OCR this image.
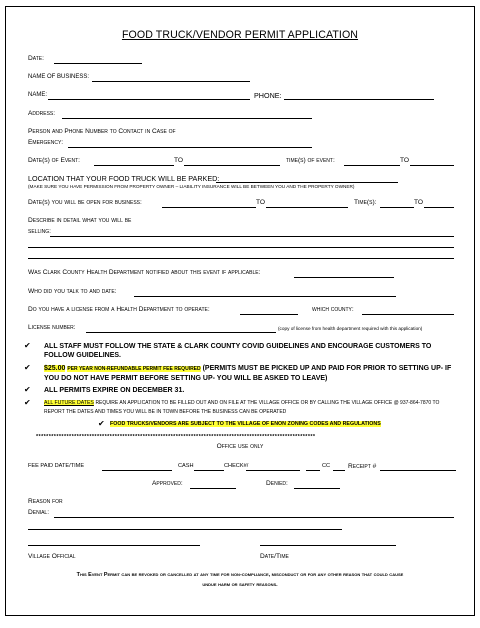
FOOD TRUCK/VENDOR PERMIT APPLICATION
Date:
NAME OF BUSINESS:
NAME:	PHONE:
Address:
Person and Phone Number to Contact in Case of
Emergency:
Date(s) of Event:	TO	time(s) of event:	TO
LOCATION THAT YOUR FOOD TRUCK WILL BE PARKED:
(MAKE SURE YOU HAVE PERMISSION FROM PROPERTY OWNER – LIABILITY INSURANCE WILL BE BETWEEN YOU AND THE PROPERTY OWNER)
Date(s) you will be open for business:	TO	Time(s):	TO
Describe in detail what you will be
selling:
Was Clark County Health Department notified about this event if applicable:
Who did you talk to and date:
Do you have a license from a Health Department to operate:	which county:
License number:	(copy of license from health department required with this application)
✔ ALL STAFF MUST FOLLOW THE STATE & CLARK COUNTY COVID GUIDELINES AND ENCOURAGE CUSTOMERS TO FOLLOW GUIDELINES.
✔ $25.00 PER YEAR NON-REFUNDABLE PERMIT FEE REQUIRED (PERMITS MUST BE PICKED UP AND PAID FOR PRIOR TO SETTING UP- IF YOU DO NOT HAVE PERMIT BEFORE SETTING UP- YOU WILL BE ASKED TO LEAVE)
✔ ALL PERMITS EXPIRE ON DECEMBER 31.
✔	ALL FUTURE DATES REQUIRE AN APPLICATION TO BE FILLED OUT AND ON FILE AT THE VILLAGE OFFICE OR BY CALLING THE VILLAGE OFFICE @ 937-864-7870 TO REPORT THE DATES AND TIMES YOU WILL BE IN TOWN BEFORE THE BUSINESS CAN BE OPERATED
✔ FOOD TRUCKS/VENDORS ARE SUBJECT TO THE VILLAGE OF ENON ZONING CODES AND REGULATIONS
**************************************************************************************************************
Office use only
FEE PAID DATE/TIME	CASH	CHECK#/	CC	Receipt #
Approved:	Denied:
Reason for
Denial:
Village Official	Date/Time
This Event Permit can be revoked or cancelled at any time for non-compliance, misconduct or for any other reason that could cause
undue harm or safety reasons.
